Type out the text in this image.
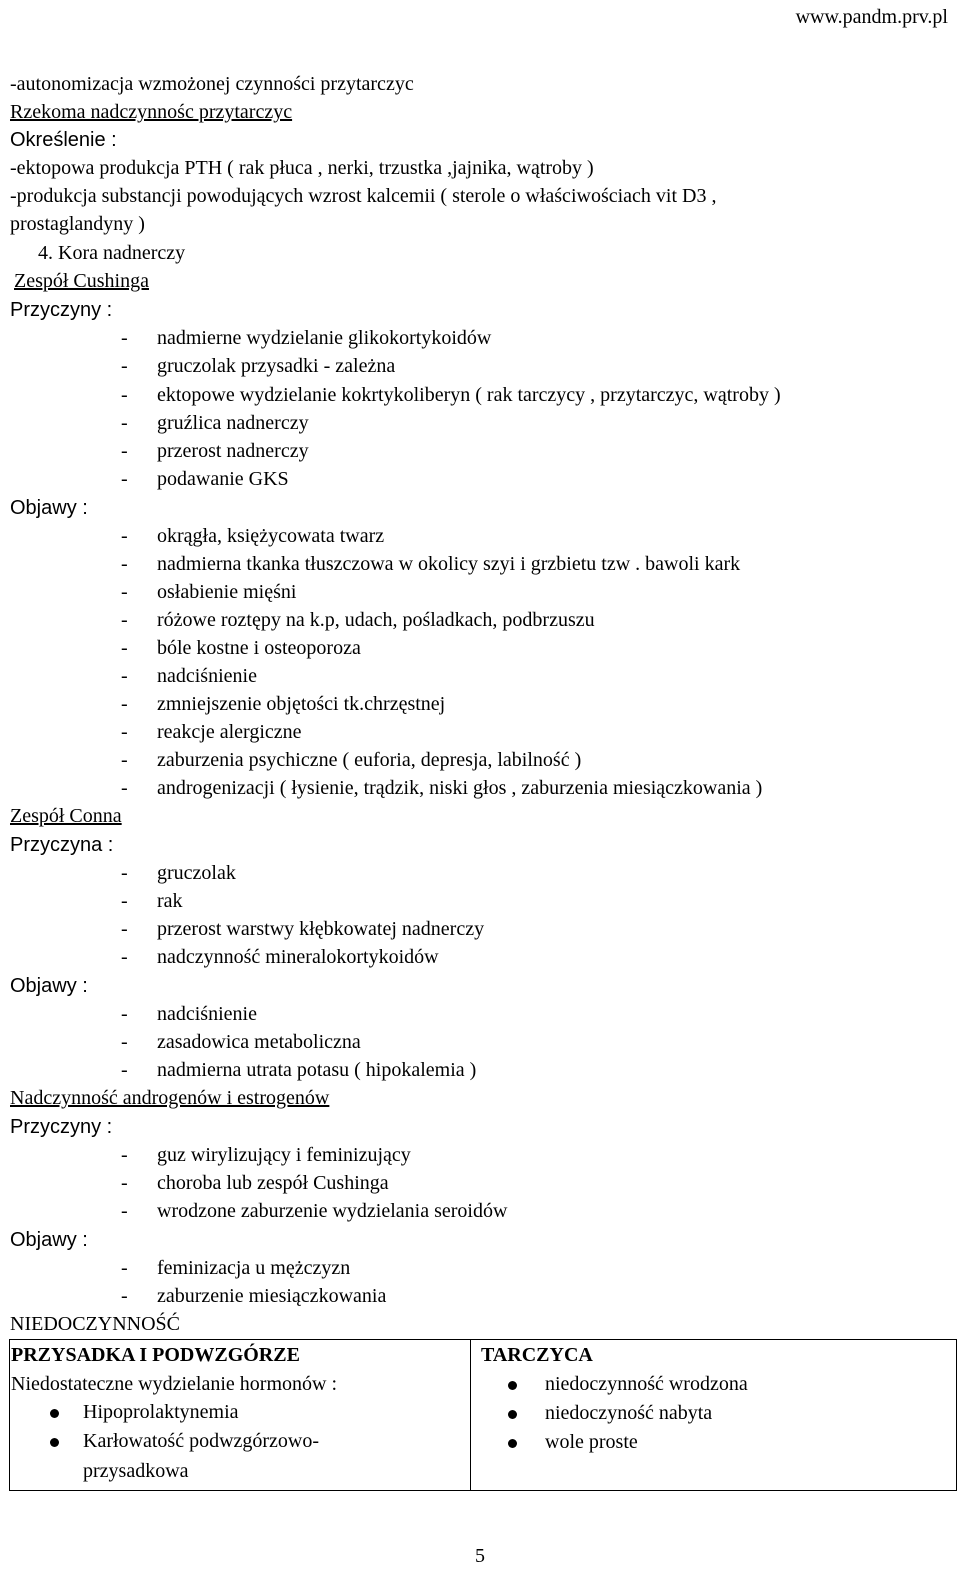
www.pandm.prv.pl
-autonomizacja wzmożonej czynności przytarczyc
Rzekoma nadczynnośc przytarczyc
Określenie :
-ektopowa produkcja PTH ( rak płuca , nerki, trzustka ,jajnika, wątroby )
-produkcja substancji powodujących wzrost kalcemii ( sterole o właściwościach vit D3 ,
prostaglandyny )
4. Kora nadnerczy
Zespół Cushinga
Przyczyny :
- nadmierne wydzielanie glikokortykoidów
- gruczolak przysadki - zależna
- ektopowe wydzielanie kokrtykoliberyn ( rak tarczycy , przytarczyc, wątroby )
- gruźlica nadnerczy
- przerost nadnerczy
- podawanie GKS
Objawy :
- okrągła, księżycowata twarz
- nadmierna tkanka tłuszczowa w okolicy szyi i grzbietu tzw . bawoli kark
- osłabienie mięśni
- różowe roztępy na k.p, udach, pośladkach, podbrzuszu
- bóle kostne i osteoporoza
- nadciśnienie
- zmniejszenie objętości tk.chrzęstnej
- reakcje alergiczne
- zaburzenia psychiczne ( euforia, depresja, labilność )
- androgenizacji ( łysienie, trądzik, niski głos , zaburzenia miesiączkowania )
Zespół Conna
Przyczyna :
- gruczolak
- rak
- przerost warstwy kłębkowatej nadnerczy
- nadczynność mineralokortykoidów
Objawy :
- nadciśnienie
- zasadowica metaboliczna
- nadmierna utrata potasu ( hipokalemia )
Nadczynność androgenów i estrogenów
Przyczyny :
- guz wirylizujący i feminizujący
- choroba lub zespół Cushinga
- wrodzone zaburzenie wydzielania seroidów
Objawy :
- feminizacja u mężczyzn
- zaburzenie miesiączkowania
NIEDOCZYNNOŚĆ
PRZYSADKA I PODWZGÓRZE
Niedostateczne wydzielanie hormonów :
Hipoprolaktynemia
Karłowatość podwzgórzowo-
przysadkowa

TARCZYCA
niedoczynność wrodzona
niedoczyność nabyta
wole proste
5
